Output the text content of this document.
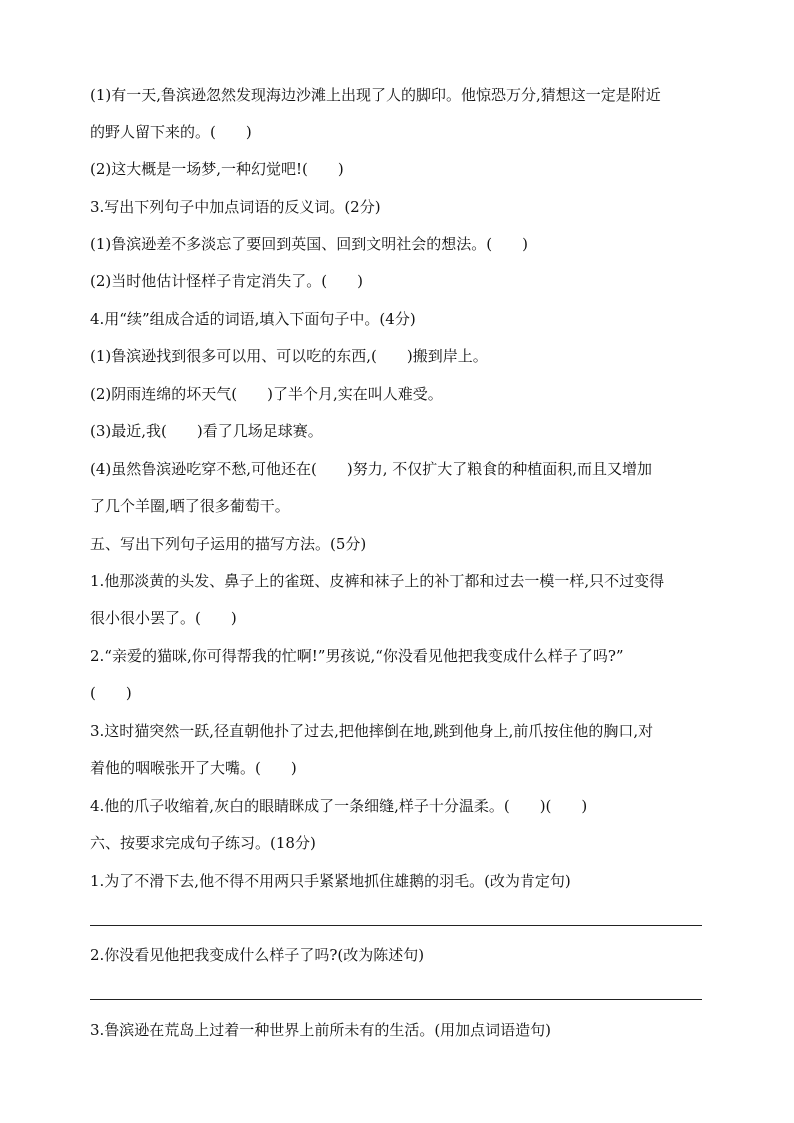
(1)有一天,鲁滨逊忽然发现海边沙滩上出现了人的脚印。他惊恐万分,猜想这一定是附近
的野人留下来的。(　　)
(2)这大概是一场梦,一种幻觉吧!(　　)
3.写出下列句子中加点词语的反义词。(2分)
(1)鲁滨逊差不多淡忘了要回到英国、回到文明社会的想法。(　　)
(2)当时他估计怪样子肯定消失了。(　　)
4.用“续”组成合适的词语,填入下面句子中。(4分)
(1)鲁滨逊找到很多可以用、可以吃的东西,(　　)搬到岸上。
(2)阴雨连绵的坏天气(　　)了半个月,实在叫人难受。
(3)最近,我(　　)看了几场足球赛。
(4)虽然鲁滨逊吃穿不愁,可他还在(　　)努力, 不仅扩大了粮食的种植面积,而且又增加
了几个羊圈,晒了很多葡萄干。
五、写出下列句子运用的描写方法。(5分)
1.他那淡黄的头发、鼻子上的雀斑、皮裤和袜子上的补丁都和过去一模一样,只不过变得
很小很小罢了。(　　)
2.“亲爱的猫咪,你可得帮我的忙啊!”男孩说,“你没看见他把我变成什么样子了吗?”
(　　)
3.这时猫突然一跃,径直朝他扑了过去,把他摔倒在地,跳到他身上,前爪按住他的胸口,对
着他的咽喉张开了大嘴。(　　)
4.他的爪子收缩着,灰白的眼睛眯成了一条细缝,样子十分温柔。(　　)(　　)
六、按要求完成句子练习。(18分)
1.为了不滑下去,他不得不用两只手紧紧地抓住雄鹅的羽毛。(改为肯定句)
2.你没看见他把我变成什么样子了吗?(改为陈述句)
3.鲁滨逊在荒岛上过着一种世界上前所未有的生活。(用加点词语造句)
